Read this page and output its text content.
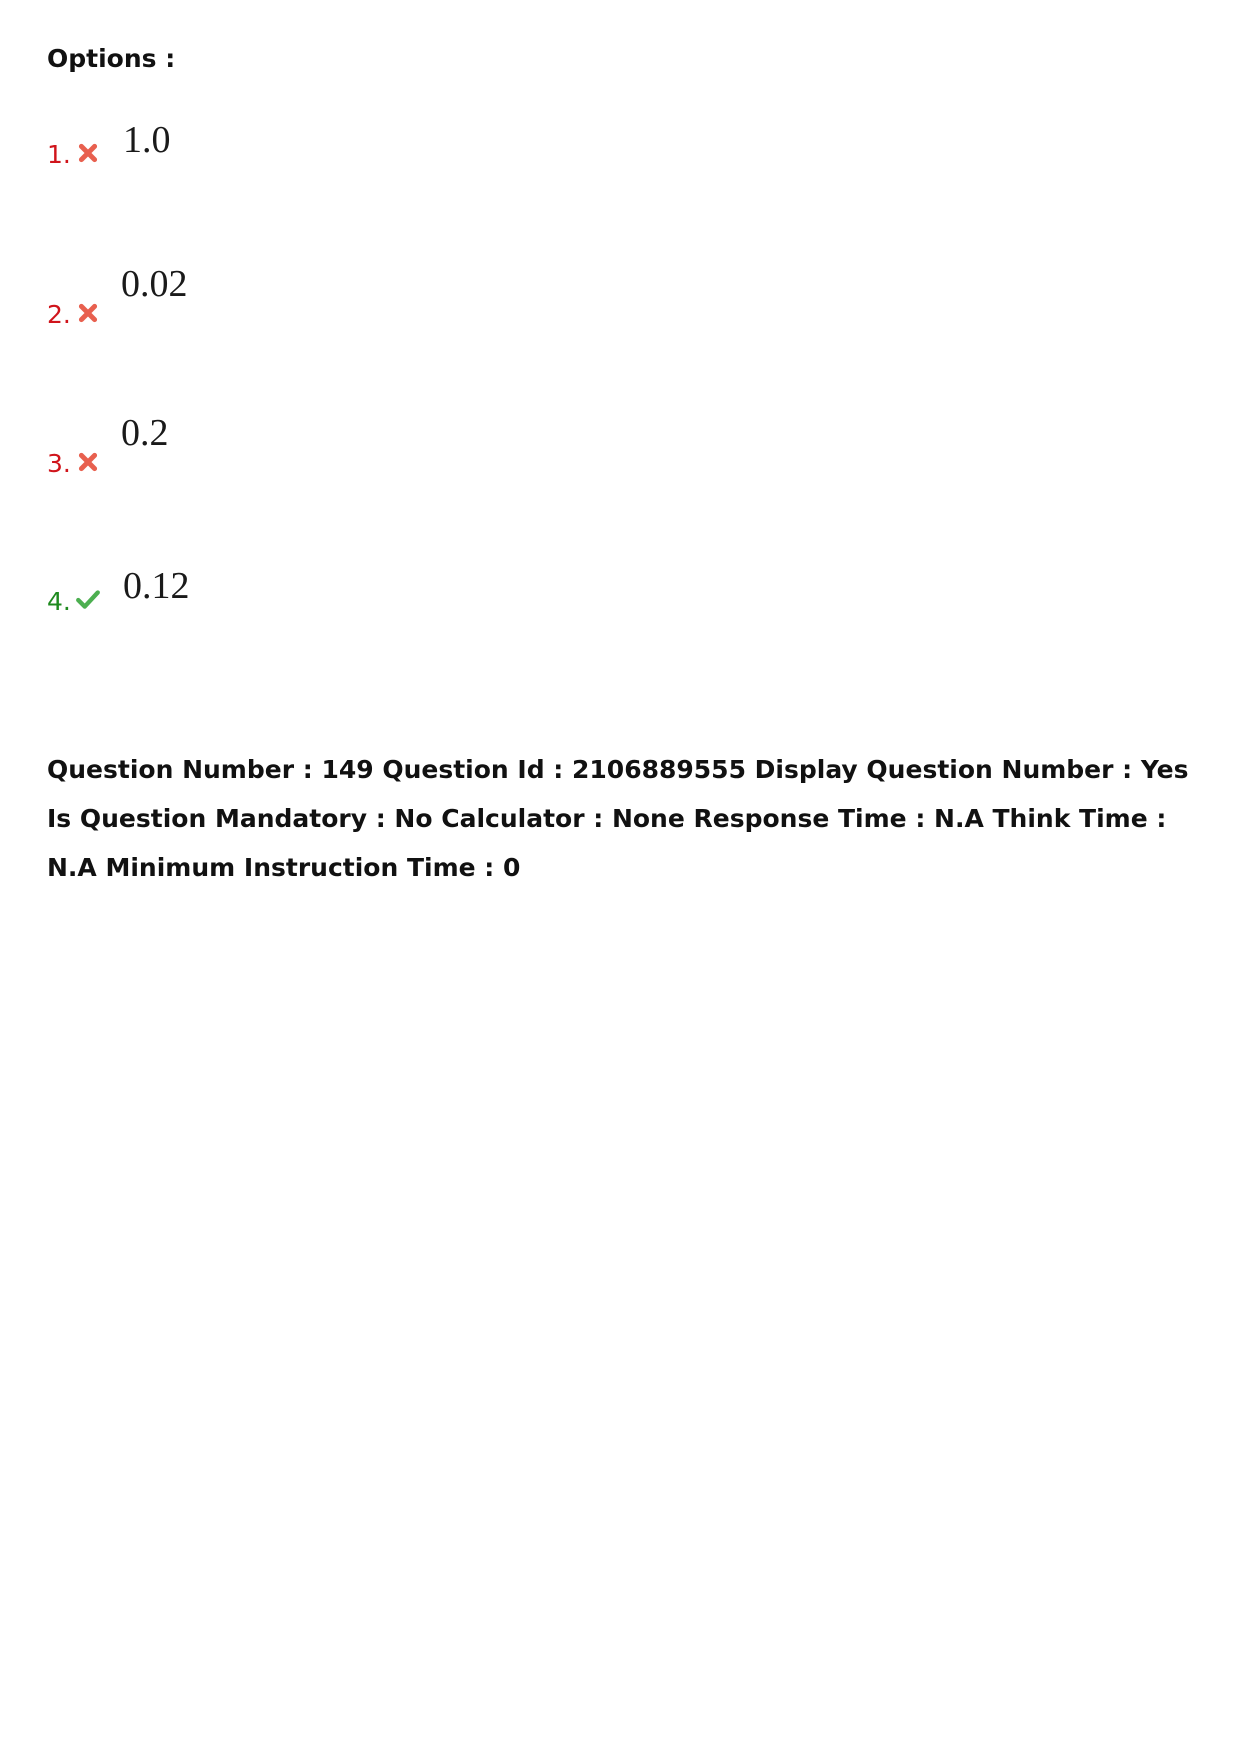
Options :
1. 1.0
2.
0.02
3.
0.2
4. 0.12

Question Number : 149 Question Id : 2106889555 Display Question Number : Yes Is Question Mandatory : No Calculator : None Response Time : N.A Think Time : N.A Minimum Instruction Time : 0
